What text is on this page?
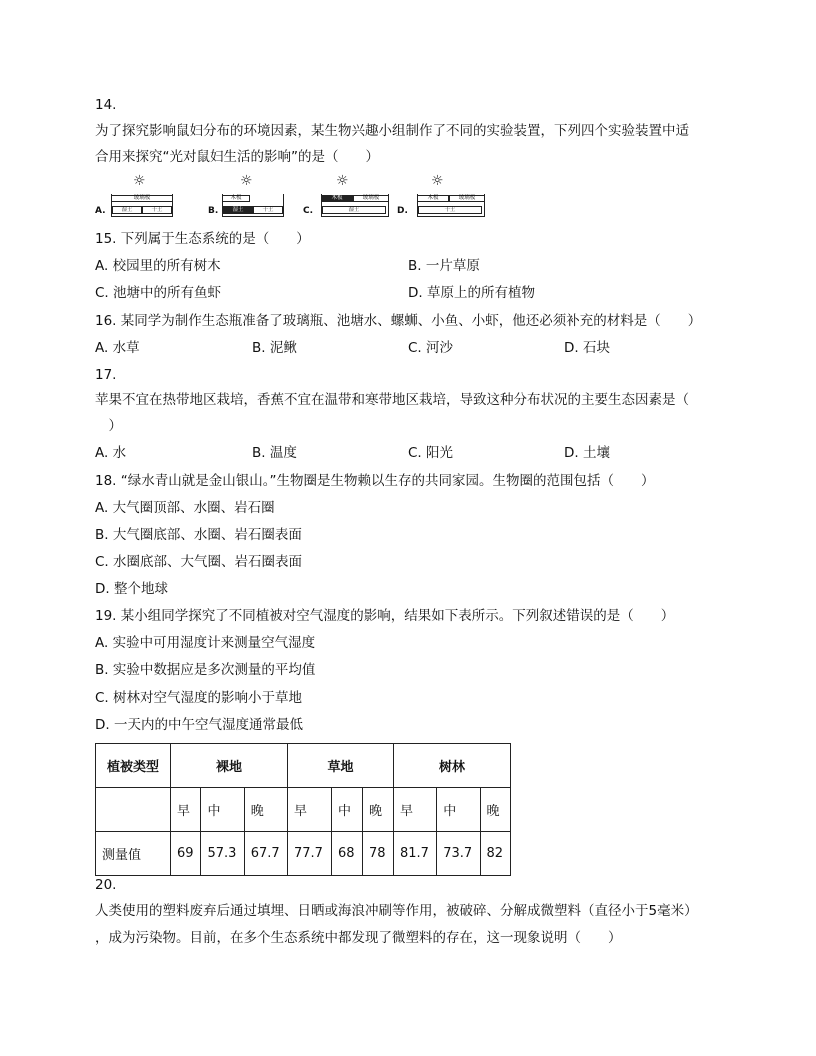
14.
为了探究影响鼠妇分布的环境因素，某生物兴趣小组制作了不同的实验装置，下列四个实验装置中适
合用来探究“光对鼠妇生活的影响”的是（　　）
A.
☼
玻璃板
湿土	干土	B.
☼
木板
湿土	干土	C.
☼
木板	玻璃板
湿土	D.
☼
木板	玻璃板
干土
15. 下列属于生态系统的是（　　）
A. 校园里的所有树木	B. 一片草原
C. 池塘中的所有鱼虾	D. 草原上的所有植物
16. 某同学为制作生态瓶准备了玻璃瓶、池塘水、螺蛳、小鱼、小虾，他还必须补充的材料是（　　）
A. 水草	B. 泥鳅	C. 河沙	D. 石块
17.
苹果不宜在热带地区栽培，香蕉不宜在温带和寒带地区栽培，导致这种分布状况的主要生态因素是（
　）
A. 水	B. 温度	C. 阳光	D. 土壤
18. “绿水青山就是金山银山。”生物圈是生物赖以生存的共同家园。生物圈的范围包括（　　）
A. 大气圈顶部、水圈、岩石圈
B. 大气圈底部、水圈、岩石圈表面
C. 水圈底部、大气圈、岩石圈表面
D. 整个地球
19. 某小组同学探究了不同植被对空气湿度的影响，结果如下表所示。下列叙述错误的是（　　）
A. 实验中可用湿度计来测量空气湿度
B. 实验中数据应是多次测量的平均值
C. 树林对空气湿度的影响小于草地
D. 一天内的中午空气湿度通常最低
植被类型	裸地			草地			树林		
	早	中	晚	早	中	晚	早	中	晚
测量值	69	57.3	67.7	77.7	68	78	81.7	73.7	82
20.
人类使用的塑料废弃后通过填埋、日晒或海浪冲刷等作用，被破碎、分解成微塑料（直径小于5毫米）
，成为污染物。目前，在多个生态系统中都发现了微塑料的存在，这一现象说明（　　）
